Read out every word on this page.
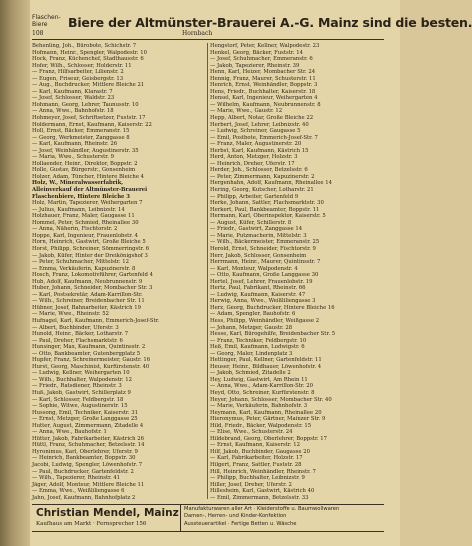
Flaschen-Biere	Biere der Altmünster-Brauerei A.-G. Mainz sind die besten.
108	Hornbach
Behenling, Joh., Bürobote, Schichstr. 7
Hofmann, Heinr., Spengler, Walpodestr. 10
Hock, Franz, Küchenchef, Stadthausstr. 6
Hofer, Wilh., Schlosser, Holderstr. 11
— Franz, Hilfsarbeiter, Lilienstr. 2
— Eugen, Friseur, Geisbergstr. 13
— Aug., Buchdrucker, Mittlere Bleiche 21
— Karl, Kaufmann, Klarastr. 7
— Josef, Schlosser, Waldstr. 23
Hohmann, Georg, Lehrer, Taunusstr. 10
— Anna, Wwe., Bahnhofstr. 18
Hohmeyer, Josef, Schriftsetzer, Fuststr. 17
Holdermann, Ernst, Kaufmann, Kaiserstr. 22
Holl, Ernst, Bäcker, Emmeranstr. 15
— Georg, Werkmeister, Zanggasse 8
— Karl, Kaufmann, Rheinstr. 26
— Josef, Weinhändler, Augustinerstr. 35
— Maria, Wwe., Schusterstr. 9
Hollaender, Heinr., Direktor, Boppstr. 2
Holle, Gustav, Bürgerstr., Gonsenheim
Holzer, Adam, Tüncher, Hintere Bleiche 4
Holz, W., Mineralwasserfabrik,
Alleinverkauf der Altmünster-Brauerei
Flaschenbiere, Hintere Bleiche 3
Holz, Martin, Tapezierer, Weihergarten 7
— Julius, Kaufmann, Leibnizstr. 14
Holzhauer, Franz, Maler, Gaugasse 11
Hommel, Peter, Schmied, Rheinallee 30
— Anna, Näherin, Fischtorstr. 2
Hoppe, Karl, Ingenieur, Frauenlobstr. 4
Horn, Heinrich, Gastwirt, Große Bleiche 5
Horst, Philipp, Schreiner, Sömmerringstr. 6
— Jakob, Küfer, Hinter der Dreikönigshof 3
— Peter, Schuhmacher, Mittelstr. 12
— Emma, Verkäuferin, Kapuzinerstr. 8
Hosch, Franz, Lokomotivführer, Gartenfeld 4
Hub, Adolf, Kaufmann, Neubrunnenstr. 9
Huber, Johann, Schneider, Mombacher Str. 3
— Karl, Postsekretär, Adam-Karrillon-Str.
— Wilh., Schreiner, Breidenbacher Str. 11
Hübner, Josef, Bahnarbeiter, Kästrich 19
— Marie, Wwe., Rheinstr. 52
Hufnagel, Karl, Kaufmann, Emmerich-Josef-Str.
— Albert, Buchbinder, Uferstr. 3
Hunold, Heinr., Bäcker, Lotharstr. 7
— Paul, Dreher, Flachsmarktstr. 6
Hunsinger, Max, Kaufmann, Quintinsstr. 2
— Otto, Bankbeamter, Gutenbergplatz 5
Hupfer, Franz, Schreinermeister, Gaustr. 16
Hurst, Georg, Maschinist, Kurfürstenstr. 40
— Ludwig, Kellner, Weihergarten 10
— Wilh., Buchhalter, Walpodenstr. 12
— Friedr., Ratsdiener, Rheinstr. 3
Huß, Jakob, Gastwirt, Schillerplatz 9
— Karl, Schlosser, Feldbergstr. 18
— Sophie, Witwe, Augustinerstr. 15
Hussong, Emil, Techniker, Kaiserstr. 31
— Ernst, Metzger, Große Langgasse 25
Hutter, August, Zimmermann, Zitadelle 4
— Anna, Wwe., Bauhofstr. 1
Hütter, Jakob, Fabrikarbeiter, Kästrich 26
Hüttl, Franz, Schuhmacher, Betzelsstr. 14
Hyronimus, Karl, Oberlehrer, Uferstr. 9
— Heinrich, Bankbeamter, Boppstr. 30
Jacobi, Ludwig, Spengler, Löwenhofstr. 7
— Paul, Buchdrucker, Gartenfeldstr. 2
— Wilh., Tapezierer, Rheinstr. 41
Jäger, Adolf, Monteur, Mittlere Bleiche 11
— Emma, Wwe., Weißliliengasse 6
Jahn, Josef, Kaufmann, Bahnhofplatz 2
Hengstorf, Peter, Kellner, Walpodestr. 23
Henkel, Georg, Bäcker, Fuststr. 14
— Josef, Schuhmacher, Emmeranstr. 6
— Jakob, Tapezierer, Rheinstr. 39
Henn, Karl, Heizer, Mombacher Str. 24
Hennig, Franz, Maurer, Schusterstr. 11
Henrich, Ernst, Weinhändler, Boppstr. 3
Hens, Friedr., Buchhalter, Kaiserstr. 18
Hensel, Karl, Ingenieur, Weihergarten 4
— Wilhelm, Kaufmann, Neubrunnenstr. 8
— Marie, Wwe., Gaustr. 12
Hepp, Albert, Notar, Große Bleiche 22
Herbert, Josef, Lehrer, Leibnizstr. 40
— Ludwig, Schreiner, Gaugasse 5
— Emil, Postbote, Emmerich-Josef-Str. 7
— Franz, Maler, Augustinerstr. 20
Herbst, Karl, Kaufmann, Kästrich 15
Herd, Anton, Metzger, Holzstr. 3
— Heinrich, Dreher, Uferstr. 17
Herder, Joh., Schlosser, Betzelsstr. 6
— Peter, Zimmermann, Kapuzinerstr. 2
Hergenhahn, Adolf, Kaufmann, Rheinallee 14
Hering, Georg, Kutscher, Lotharstr. 21
— Philipp, Arbeiter, Gartenfeld 9
Herke, Johann, Sattler, Flachsmarktstr. 30
Herkert, Paul, Bankbeamter, Boppstr. 11
Hermann, Karl, Oberinspektor, Kaiserstr. 5
— August, Küfer, Schillerstr. 8
— Friedr., Gastwirt, Zanggasse 14
— Marie, Putzmacherin, Mittelstr. 3
— Wilh., Bäckermeister, Emmeranstr. 25
Herold, Ernst, Schneider, Fischtorstr. 9
Herr, Jakob, Schlosser, Gonsenheim
Herrmann, Heinr., Maurer, Quintinsstr. 7
— Karl, Monteur, Walpodenstr. 4
— Otto, Kaufmann, Große Langgasse 30
Hertel, Josef, Lehrer, Frauenlobstr. 19
Hertz, Paul, Fabrikant, Rheinstr. 66
— Ludwig, Kaufmann, Kaiserstr. 47
Herwig, Anna, Wwe., Weißliliengasse 3
Herz, Georg, Buchdrucker, Hintere Bleiche 16
— Adam, Spengler, Bauhofstr. 6
Hess, Philipp, Weinhändler, Weißgasse 2
— Johann, Metzger, Gaustr. 28
Hesse, Karl, Bürogehilfe, Breidenbacher Str. 5
— Franz, Techniker, Feldbergstr. 10
Heß, Emil, Kaufmann, Ludwigstr. 6
— Georg, Maler, Lindenplatz 3
Hettinger, Paul, Kellner, Gartenfeldstr. 11
Heuser, Heinr., Bildhauer, Löwenhofstr. 4
— Jakob, Schmied, Zitadelle 2
Hey, Ludwig, Gastwirt, Am Rhein 11
— Anna, Wwe., Adam-Karrillon-Str. 20
Heyd, Otto, Schreiner, Kurfürstenstr. 8
Heyer, Johann, Schlosser, Mombacher Str. 40
— Marie, Verkäuferin, Bahnhofstr. 3
Heymann, Karl, Kaufmann, Rheinallee 20
Hieronymus, Peter, Gärtner, Mainzer Str. 9
Hild, Friedr., Bäcker, Walpodenstr. 15
— Elise, Wwe., Schusterstr. 24
Hildebrand, Georg, Oberlehrer, Boppstr. 17
— Ernst, Kaufmann, Kaiserstr. 12
Hilf, Jakob, Buchbinder, Gaugasse 20
— Karl, Fabrikarbeiter, Holzstr. 17
Hilgert, Franz, Sattler, Fuststr. 28
Hill, Heinrich, Weinhändler, Rheinstr. 7
— Philipp, Buchhalter, Leibnizstr. 9
Hiller, Josef, Dreher, Uferstr. 2
Hillesheim, Karl, Gastwirt, Kästrich 40
— Emil, Zimmermann, Betzelsstr. 33
Christian Mendel, Mainz
Kaufhaus am Markt · Fernsprecher 156
Manufakturwaren aller Art · Kleiderstoffe u. Baumwollwaren
Damen-, Herren- und Kinder-Konfektion
Aussteuerartikel · Fertige Betten u. Wäsche
